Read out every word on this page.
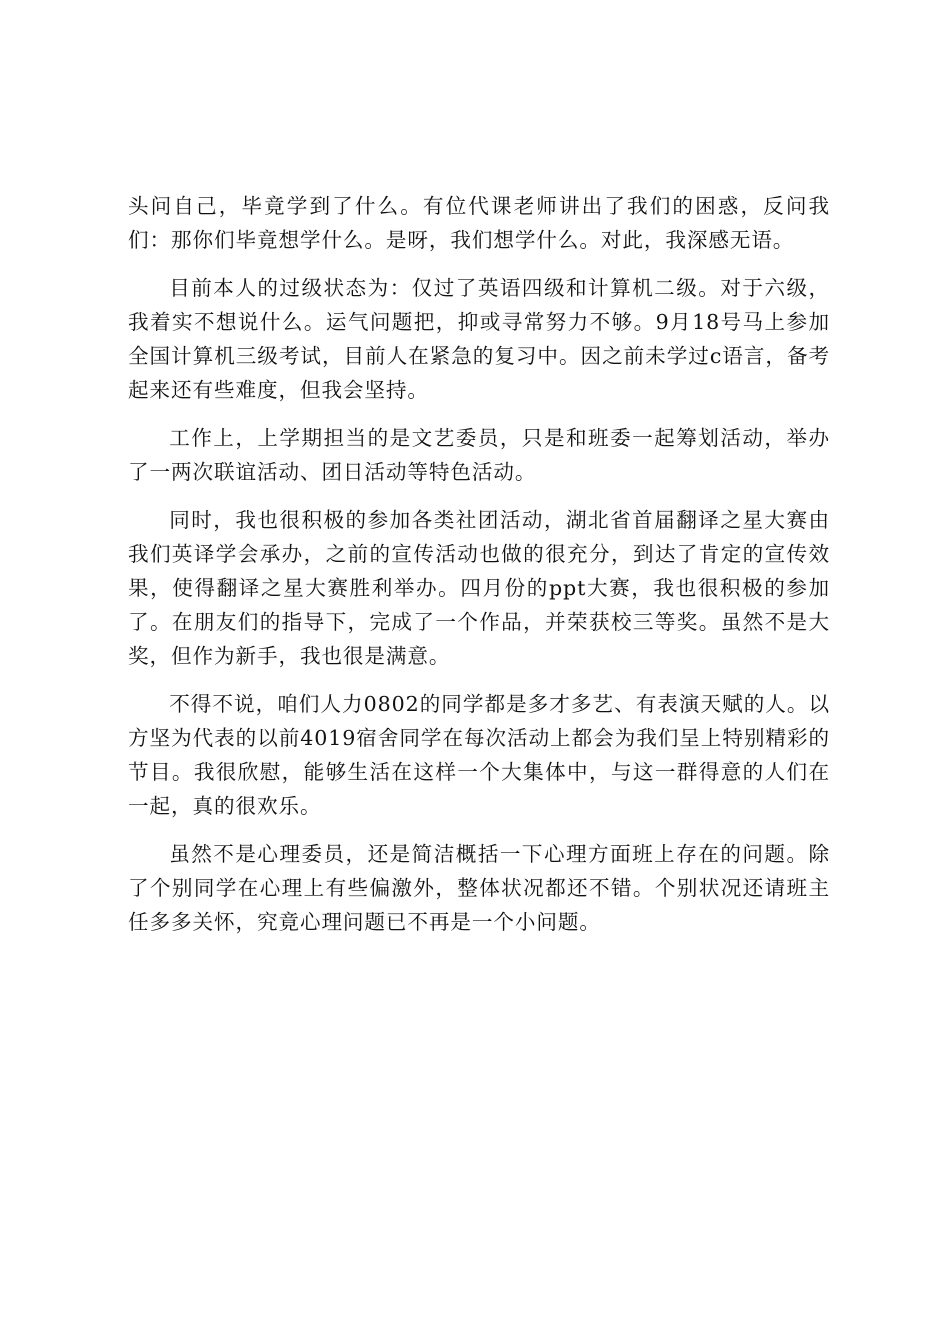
头问自己，毕竟学到了什么。有位代课老师讲出了我们的困惑，反问我们：那你们毕竟想学什么。是呀，我们想学什么。对此，我深感无语。

目前本人的过级状态为：仅过了英语四级和计算机二级。对于六级，我着实不想说什么。运气问题把，抑或寻常努力不够。9月18号马上参加全国计算机三级考试，目前人在紧急的复习中。因之前未学过c语言，备考起来还有些难度，但我会坚持。

工作上，上学期担当的是文艺委员，只是和班委一起筹划活动，举办了一两次联谊活动、团日活动等特色活动。

同时，我也很积极的参加各类社团活动，湖北省首届翻译之星大赛由我们英译学会承办，之前的宣传活动也做的很充分，到达了肯定的宣传效果，使得翻译之星大赛胜利举办。四月份的ppt大赛，我也很积极的参加了。在朋友们的指导下，完成了一个作品，并荣获校三等奖。虽然不是大奖，但作为新手，我也很是满意。

不得不说，咱们人力0802的同学都是多才多艺、有表演天赋的人。以方坚为代表的以前4019宿舍同学在每次活动上都会为我们呈上特别精彩的节目。我很欣慰，能够生活在这样一个大集体中，与这一群得意的人们在一起，真的很欢乐。

虽然不是心理委员，还是简洁概括一下心理方面班上存在的问题。除了个别同学在心理上有些偏激外，整体状况都还不错。个别状况还请班主任多多关怀，究竟心理问题已不再是一个小问题。
